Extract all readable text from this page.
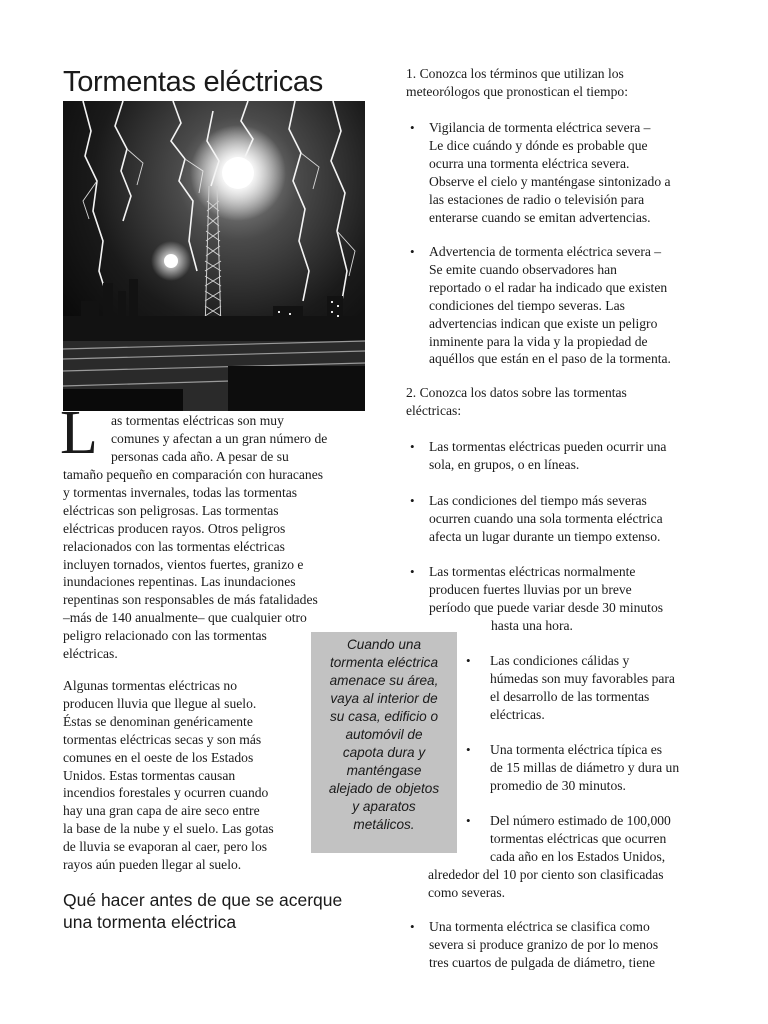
Tormentas eléctricas
L as tormentas eléctricas son muy
comunes y afectan a un gran número de
personas cada año. A pesar de su

tamaño pequeño en comparación con huracanes
y tormentas invernales, todas las tormentas
eléctricas son peligrosas. Las tormentas
eléctricas producen rayos. Otros peligros
relacionados con las tormentas eléctricas
incluyen tornados, vientos fuertes, granizo e
inundaciones repentinas. Las inundaciones
repentinas son responsables de más fatalidades
–más de 140 anualmente– que cualquier otro
peligro relacionado con las tormentas
eléctricas.

Algunas tormentas eléctricas no
producen lluvia que llegue al suelo.
Éstas se denominan genéricamente
tormentas eléctricas secas y son más
comunes en el oeste de los Estados
Unidos. Estas tormentas causan
incendios forestales y ocurren cuando
hay una gran capa de aire seco entre
la base de la nube y el suelo. Las gotas
de lluvia se evaporan al caer, pero los
rayos aún pueden llegar al suelo.

Qué hacer antes de que se acerque
una tormenta eléctrica
Cuando una
tormenta eléctrica
amenace su área,
vaya al interior de
su casa, edificio o
automóvil de
capota dura y
manténgase
alejado de objetos
y aparatos
metálicos.

1. Conozca los términos que utilizan los
meteorólogos que pronostican el tiempo:

• Vigilancia de tormenta eléctrica severa –
Le dice cuándo y dónde es probable que
ocurra una tormenta eléctrica severa.
Observe el cielo y manténgase sintonizado a
las estaciones de radio o televisión para
enterarse cuando se emitan advertencias.

• Advertencia de tormenta eléctrica severa –
Se emite cuando observadores han
reportado o el radar ha indicado que existen
condiciones del tiempo severas. Las
advertencias indican que existe un peligro
inminente para la vida y la propiedad de
aquéllos que están en el paso de la tormenta.

2. Conozca los datos sobre las tormentas
eléctricas:

• Las tormentas eléctricas pueden ocurrir una
sola, en grupos, o en líneas.

• Las condiciones del tiempo más severas
ocurren cuando una sola tormenta eléctrica
afecta un lugar durante un tiempo extenso.

• Las tormentas eléctricas normalmente
producen fuertes lluvias por un breve
período que puede variar desde 30 minutos
hasta una hora.

• Las condiciones cálidas y
húmedas son muy favorables para
el desarrollo de las tormentas
eléctricas.

• Una tormenta eléctrica típica es
de 15 millas de diámetro y dura un
promedio de 30 minutos.

• Del número estimado de 100,000
tormentas eléctricas que ocurren
cada año en los Estados Unidos,
alrededor del 10 por ciento son clasificadas
como severas.

• Una tormenta eléctrica se clasifica como
severa si produce granizo de por lo menos
tres cuartos de pulgada de diámetro, tiene
